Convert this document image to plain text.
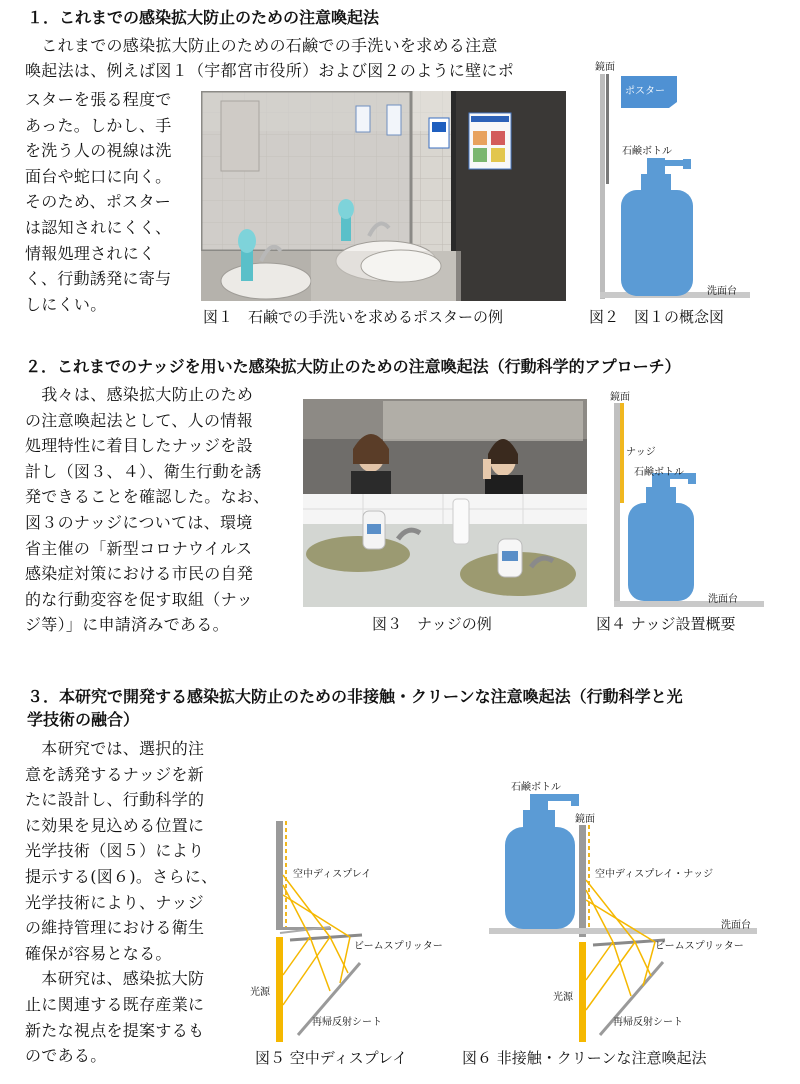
１．これまでの感染拡大防止のための注意喚起法
　これまでの感染拡大防止のための石鹸での手洗いを求める注意
喚起法は、例えば図１（宇都宮市役所）および図２のように壁にポ
スターを張る程度で
あった。しかし、手
を洗う人の視線は洗
面台や蛇口に向く。
そのため、ポスター
は認知されにくく、
情報処理されにく
く、行動誘発に寄与
しにくい。
図１　石鹸での手洗いを求めるポスターの例
鏡面
ポスター
石鹸ボトル
洗面台
図２　図１の概念図
２．これまでのナッジを用いた感染拡大防止のための注意喚起法（行動科学的アプローチ）
　我々は、感染拡大防止のため
の注意喚起法として、人の情報
処理特性に着目したナッジを設
計し（図３、４）、衛生行動を誘
発できることを確認した。なお、
図３のナッジについては、環境
省主催の「新型コロナウイルス
感染症対策における市民の自発
的な行動変容を促す取組（ナッ
ジ等）」に申請済みである。	図３　ナッジの例
鏡面
ナッジ
石鹸ボトル
洗面台
図４ ナッジ設置概要
３．本研究で開発する感染拡大防止のための非接触・クリーンな注意喚起法（行動科学と光
学技術の融合）
　本研究では、選択的注
意を誘発するナッジを新
たに設計し、行動科学的
に効果を見込める位置に
光学技術（図５）により
提示する(図６)。さらに、
光学技術により、ナッジ
の維持管理における衛生
確保が容易となる。
　本研究は、感染拡大防
止に関連する既存産業に
新たな視点を提案するも
のである。
空中ディスプレイ
ビームスプリッター
光源
再帰反射シート
図５ 空中ディスプレイ
石鹸ボトル
鏡面
空中ディスプレイ・ナッジ
洗面台
ビームスプリッター
光源
再帰反射シート
図６ 非接触・クリーンな注意喚起法
